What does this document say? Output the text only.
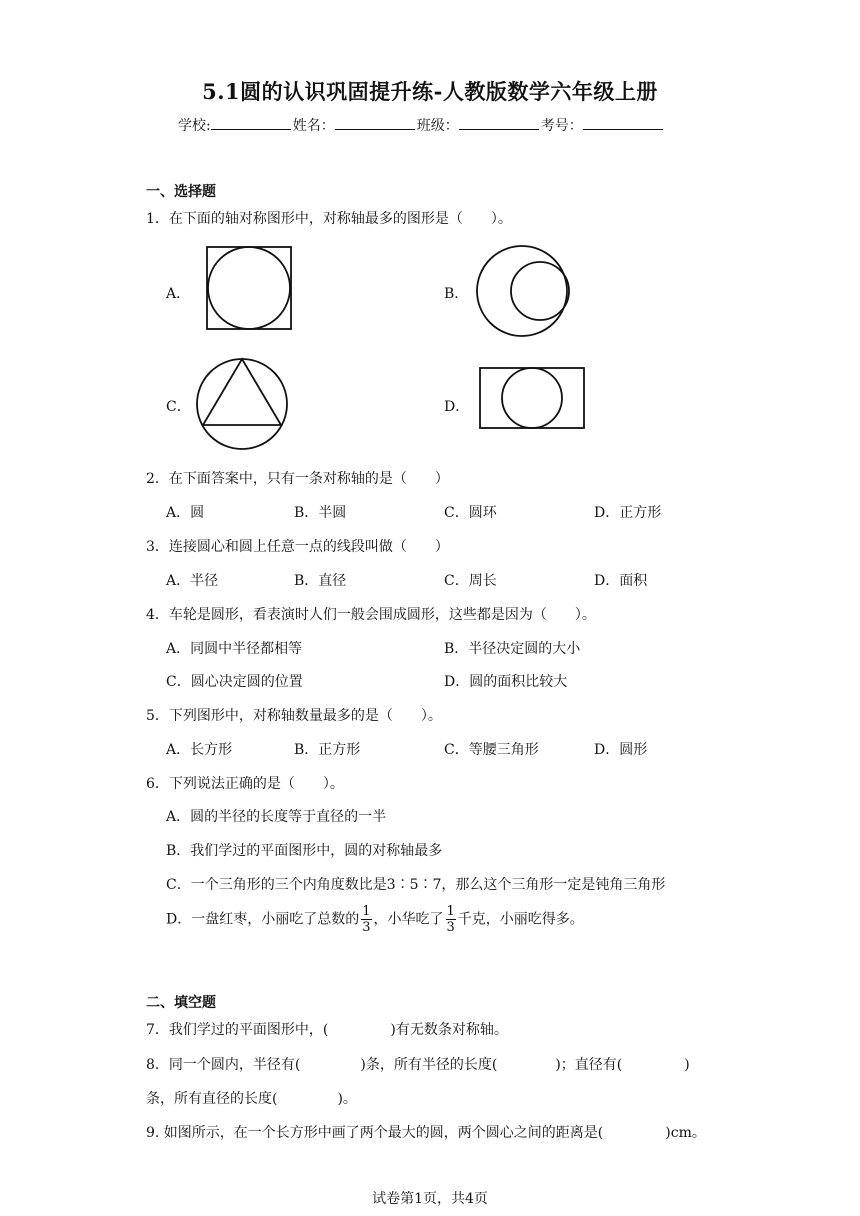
5.1圆的认识巩固提升练-人教版数学六年级上册
学校:	姓名：	班级：	考号：
一、选择题
1．在下面的轴对称图形中，对称轴最多的图形是（　　）。
A．	B．
C．	D．
2．在下面答案中，只有一条对称轴的是（　　）
A．圆	B．半圆	C．圆环	D．正方形
3．连接圆心和圆上任意一点的线段叫做（　　）
A．半径	B．直径	C．周长	D．面积
4．车轮是圆形，看表演时人们一般会围成圆形，这些都是因为（　　）。
A．同圆中半径都相等	B．半径决定圆的大小
C．圆心决定圆的位置	D．圆的面积比较大
5．下列图形中，对称轴数量最多的是（　　）。
A．长方形	B．正方形	C．等腰三角形	D．圆形
6．下列说法正确的是（　　）。
A．圆的半径的长度等于直径的一半
B．我们学过的平面图形中，圆的对称轴最多
C．一个三角形的三个内角度数比是3∶5∶7，那么这个三角形一定是钝角三角形
D．一盘红枣，小丽吃了总数的 $\frac{1}{3}$ ，小华吃了 $\frac{1}{3}$ 千克，小丽吃得多。
二、填空题
7．我们学过的平面图形中，(	)有无数条对称轴。
8．同一个圆内，半径有(	)条，所有半径的长度(	)；直径有(	)
条，所有直径的长度(	)。
9. 如图所示，在一个长方形中画了两个最大的圆，两个圆心之间的距离是(	)cm。
试卷第1页，共4页
